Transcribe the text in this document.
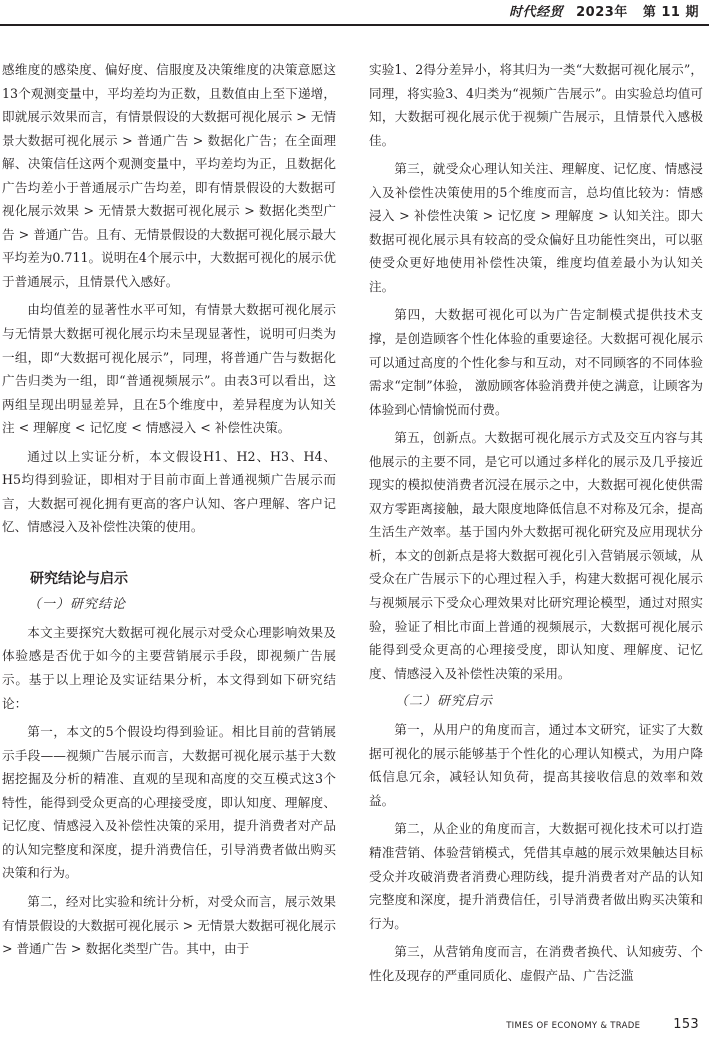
时代经贸 2023年 第 11 期

感维度的感染度、偏好度、信服度及决策维度的决策意愿这13个观测变量中，平均差均为正数，且数值由上至下递增，即就展示效果而言，有情景假设的大数据可视化展示 > 无情景大数据可视化展示 > 普通广告 > 数据化广告；在全面理解、决策信任这两个观测变量中，平均差均为正，且数据化广告均差小于普通展示广告均差，即有情景假设的大数据可视化展示效果 > 无情景大数据可视化展示 > 数据化类型广告 > 普通广告。且有、无情景假设的大数据可视化展示最大平均差为0.711。说明在4个展示中，大数据可视化的展示优于普通展示，且情景代入感好。

由均值差的显著性水平可知，有情景大数据可视化展示与无情景大数据可视化展示均未呈现显著性，说明可归类为一组，即“大数据可视化展示”，同理，将普通广告与数据化广告归类为一组，即“普通视频展示”。由表3可以看出，这两组呈现出明显差异，且在5个维度中，差异程度为认知关注 < 理解度 < 记忆度 < 情感浸入 < 补偿性决策。

通过以上实证分析，本文假设H1、H2、H3、H4、H5均得到验证，即相对于目前市面上普通视频广告展示而言，大数据可视化拥有更高的客户认知、客户理解、客户记忆、情感浸入及补偿性决策的使用。

研究结论与启示
（一）研究结论

本文主要探究大数据可视化展示对受众心理影响效果及体验感是否优于如今的主要营销展示手段，即视频广告展示。基于以上理论及实证结果分析，本文得到如下研究结论：

第一，本文的5个假设均得到验证。相比目前的营销展示手段——视频广告展示而言，大数据可视化展示基于大数据挖掘及分析的精准、直观的呈现和高度的交互模式这3个特性，能得到受众更高的心理接受度，即认知度、理解度、记忆度、情感浸入及补偿性决策的采用，提升消费者对产品的认知完整度和深度，提升消费信任，引导消费者做出购买决策和行为。

第二，经对比实验和统计分析，对受众而言，展示效果有情景假设的大数据可视化展示 > 无情景大数据可视化展示 > 普通广告 > 数据化类型广告。其中，由于

实验1、2得分差异小，将其归为一类“大数据可视化展示”，同理，将实验3、4归类为“视频广告展示”。由实验总均值可知，大数据可视化展示优于视频广告展示，且情景代入感极佳。

第三，就受众心理认知关注、理解度、记忆度、情感浸入及补偿性决策使用的5个维度而言，总均值比较为：情感浸入 > 补偿性决策 > 记忆度 > 理解度 > 认知关注。即大数据可视化展示具有较高的受众偏好且功能性突出，可以驱使受众更好地使用补偿性决策，维度均值差最小为认知关注。

第四，大数据可视化可以为广告定制模式提供技术支撑，是创造顾客个性化体验的重要途径。大数据可视化展示可以通过高度的个性化参与和互动，对不同顾客的不同体验需求“定制”体验， 激励顾客体验消费并使之满意，让顾客为体验到心情愉悦而付费。

第五，创新点。大数据可视化展示方式及交互内容与其他展示的主要不同，是它可以通过多样化的展示及几乎接近现实的模拟使消费者沉浸在展示之中，大数据可视化使供需双方零距离接触，最大限度地降低信息不对称及冗余，提高生活生产效率。基于国内外大数据可视化研究及应用现状分析，本文的创新点是将大数据可视化引入营销展示领域，从受众在广告展示下的心理过程入手，构建大数据可视化展示与视频展示下受众心理效果对比研究理论模型，通过对照实验，验证了相比市面上普通的视频展示，大数据可视化展示能得到受众更高的心理接受度，即认知度、理解度、记忆度、情感浸入及补偿性决策的采用。

（二）研究启示

第一，从用户的角度而言，通过本文研究，证实了大数据可视化的展示能够基于个性化的心理认知模式，为用户降低信息冗余，减轻认知负荷，提高其接收信息的效率和效益。

第二，从企业的角度而言，大数据可视化技术可以打造精准营销、体验营销模式，凭借其卓越的展示效果触达目标受众并攻破消费者消费心理防线，提升消费者对产品的认知完整度和深度，提升消费信任，引导消费者做出购买决策和行为。

第三，从营销角度而言，在消费者换代、认知疲劳、个性化及现存的严重同质化、虚假产品、广告泛滥

TIMES OF ECONOMY & TRADE	153
